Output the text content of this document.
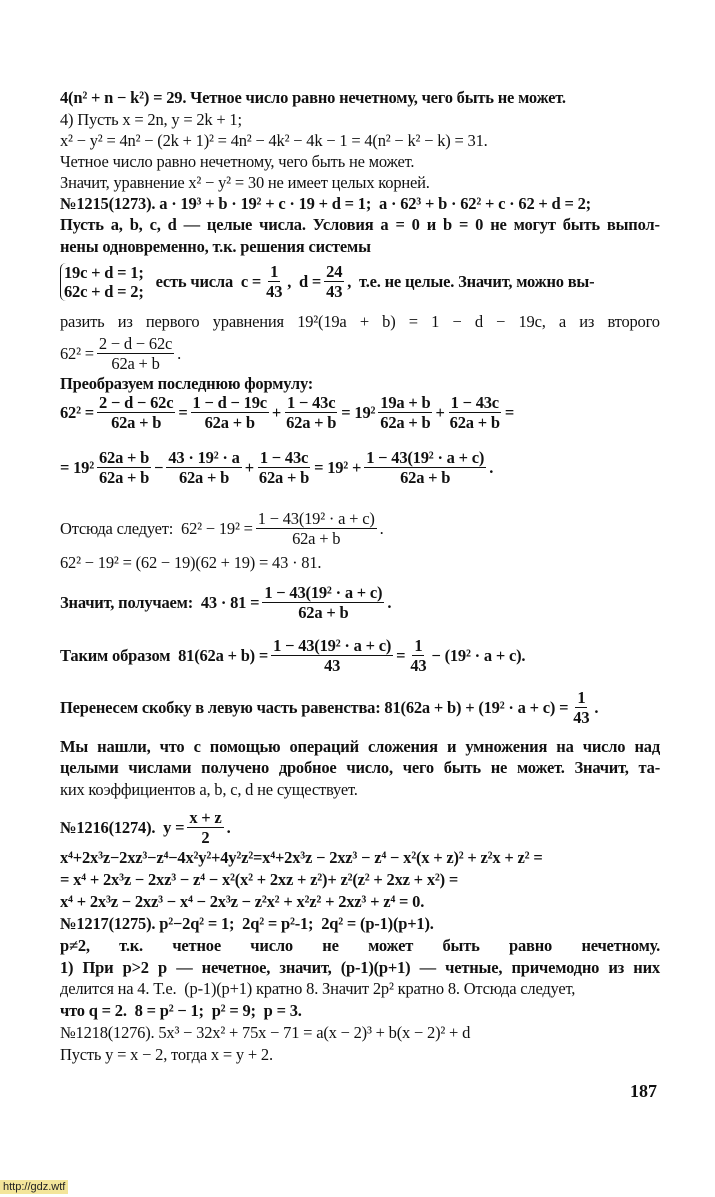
4(n² + n − k²) = 29. Четное число равно нечетному, чего быть не может.
4) Пусть x = 2n, y = 2k + 1;
x² − y² = 4n² − (2k + 1)² = 4n² − 4k² − 4k − 1 = 4(n² − k² − k) = 31.
Четное число равно нечетному, чего быть не может.
Значит, уравнение x² − y² = 30 не имеет целых корней.
№1215(1273). a · 19³ + b · 19² + c · 19 + d = 1;  a · 62³ + b · 62² + c · 62 + d = 2;
Пусть a, b, c, d — целые числа. Условия a = 0 и b = 0 не могут быть выпол-
нены одновременно, т.к. решения системы
19c + d = 1;
62c + d = 2;
есть числа  $c = \frac{1}{43}$ ,  $d = \frac{24}{43}$ ,  т.е. не целые. Значит, можно вы-
разить из первого уравнения 19²(19a + b) = 1 − d − 19c, а из второго
$62^2 = \frac{2 - d - 62c}{62a + b}$ .
Преобразуем последнюю формулу:
$62^2 = \frac{2 - d - 62c}{62a + b} = \frac{1 - d - 19c}{62a + b} + \frac{1 - 43c}{62a + b} = 19^2 \frac{19a + b}{62a + b} + \frac{1 - 43c}{62a + b}$ =
= $19^2 \frac{62a + b}{62a + b} - \frac{\text{43 · 19² · a}}{62a + b} + \frac{1 - 43c}{62a + b} = 19^2 + \frac{\text{1 − 43(19² · a + c)}}{62a + b}$ .
Отсюда следует:  $62^2 - 19^2 = \frac{\text{1 − 43(19² · a + c)}}{62a + b}$ .
62² − 19² = (62 − 19)(62 + 19) = 43 · 81.
Значит, получаем:  $43 \cdot 81 = \frac{\text{1 − 43(19² · a + c)}}{62a + b}$ .
Таким образом  $81(62a + b) = \frac{\text{1 − 43(19² · a + c)}}{43} = \frac{1}{43} - (19^2 \cdot a + c)$.
Перенесем скобку в левую часть равенства: $81(62a + b) + (19^2 \cdot a + c) = \frac{1}{43}$ .
Мы нашли, что с помощью операций сложения и умножения на число над
целыми числами получено дробное число, чего быть не может. Значит, та-
ких коэффициентов a, b, c, d не существует.
№1216(1274).  $y = \frac{x + z}{2}$ .
x⁴+2x³z−2xz³−z⁴−4x²y²+4y²z²=x⁴+2x³z − 2xz³ − z⁴ − x²(x + z)² + z²x + z² =
= x⁴ + 2x³z − 2xz³ − z⁴ − x²(x² + 2xz + z²)+ z²(z² + 2xz + x²) =
x⁴ + 2x³z − 2xz³ − x⁴ − 2x³z − z²x² + x²z² + 2xz³ + z⁴ = 0.
№1217(1275). p²−2q² = 1;  2q² = p²-1;  2q² = (p-1)(p+1).
p≠2, т.к. четное число не может быть равно нечетному.
1) При p>2 p — нечетное, значит, (p-1)(p+1) — четные, причемодно из них
делится на 4. Т.е.  (p-1)(p+1) кратно 8. Значит 2p² кратно 8. Отсюда следует,
что q = 2.  8 = p² − 1;  p² = 9;  p = 3.
№1218(1276). 5x³ − 32x² + 75x − 71 = a(x − 2)³ + b(x − 2)² + d
Пусть y = x − 2, тогда x = y + 2.
187
http://gdz.wtf
